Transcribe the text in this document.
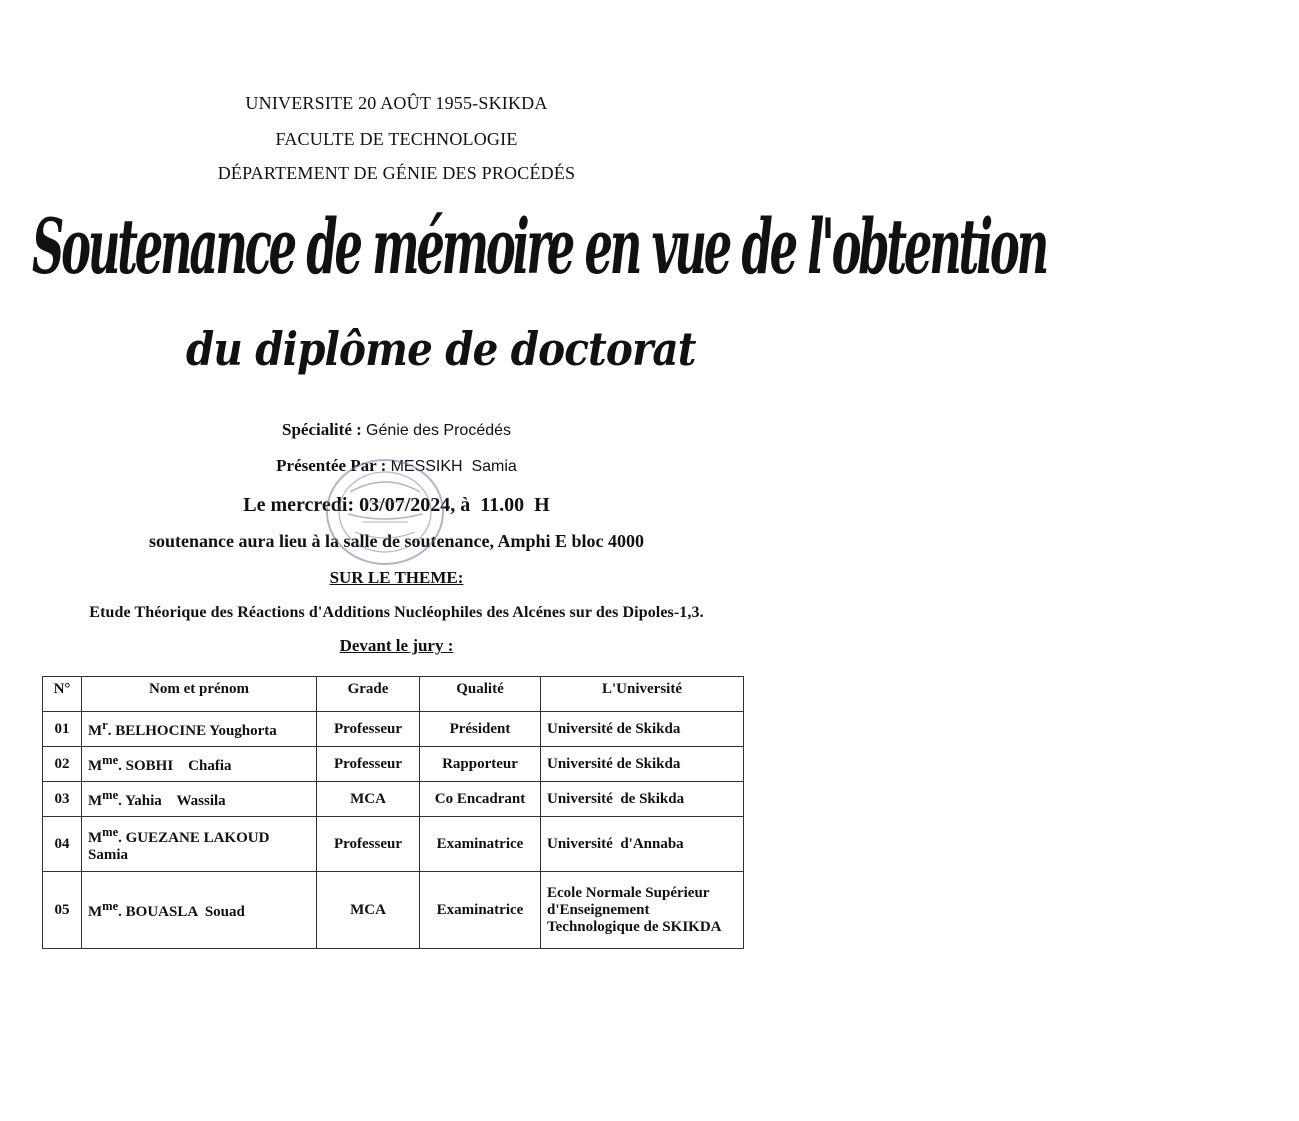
UNIVERSITE 20 AOÛT 1955-SKIKDA
FACULTE DE TECHNOLOGIE
DÉPARTEMENT DE GÉNIE DES PROCÉDÉS
Soutenance de mémoire en vue de l'obtention
du diplôme de doctorat
Spécialité : Génie des Procédés
Présentée Par : MESSIKH  Samia
Le mercredi: 03/07/2024, à  11.00  H
soutenance aura lieu à la salle de soutenance, Amphi E bloc 4000
SUR LE THEME:
Etude Théorique des Réactions d'Additions Nucléophiles des Alcénes sur des Dipoles-1,3.
Devant le jury :
N°	Nom et prénom	Grade	Qualité	L'Université
01	$M^r$. BELHOCINE Youghorta	Professeur	Président	Université de Skikda
02	$M^{me}$. SOBHI    Chafia	Professeur	Rapporteur	Université de Skikda
03	$M^{me}$. Yahia    Wassila	MCA	Co Encadrant	Université  de Skikda
04	$M^{me}$. GUEZANE LAKOUD Samia	Professeur	Examinatrice	Université  d'Annaba
05	$M^{me}$. BOUASLA  Souad	MCA	Examinatrice	Ecole Normale Supérieur d'Enseignement Technologique de SKIKDA
